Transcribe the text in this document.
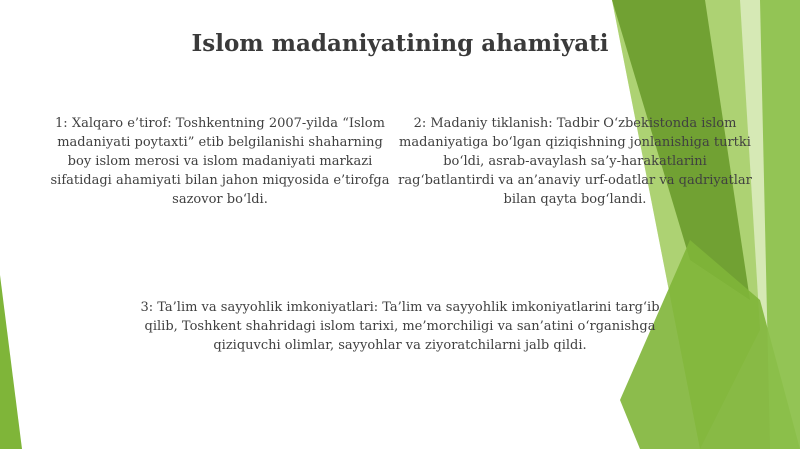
Islom madaniyatining ahamiyati
1: Xalqaro e’tirof: Toshkentning 2007-yilda “Islom madaniyati poytaxti” etib belgilanishi shaharning boy islom merosi va islom madaniyati markazi sifatidagi ahamiyati bilan jahon miqyosida e’tirofga sazovor bo‘ldi.
2: Madaniy tiklanish: Tadbir O‘zbekistonda islom madaniyatiga bo‘lgan qiziqishning jonlanishiga turtki bo‘ldi, asrab-avaylash sa’y-harakatlarini rag‘batlantirdi va an’anaviy urf-odatlar va qadriyatlar bilan qayta bog‘landi.
3: Ta’lim va sayyohlik imkoniyatlari: Ta’lim va sayyohlik imkoniyatlarini targ‘ib qilib, Toshkent shahridagi islom tarixi, me’morchiligi va san’atini o‘rganishga qiziquvchi olimlar, sayyohlar va ziyoratchilarni jalb qildi.
